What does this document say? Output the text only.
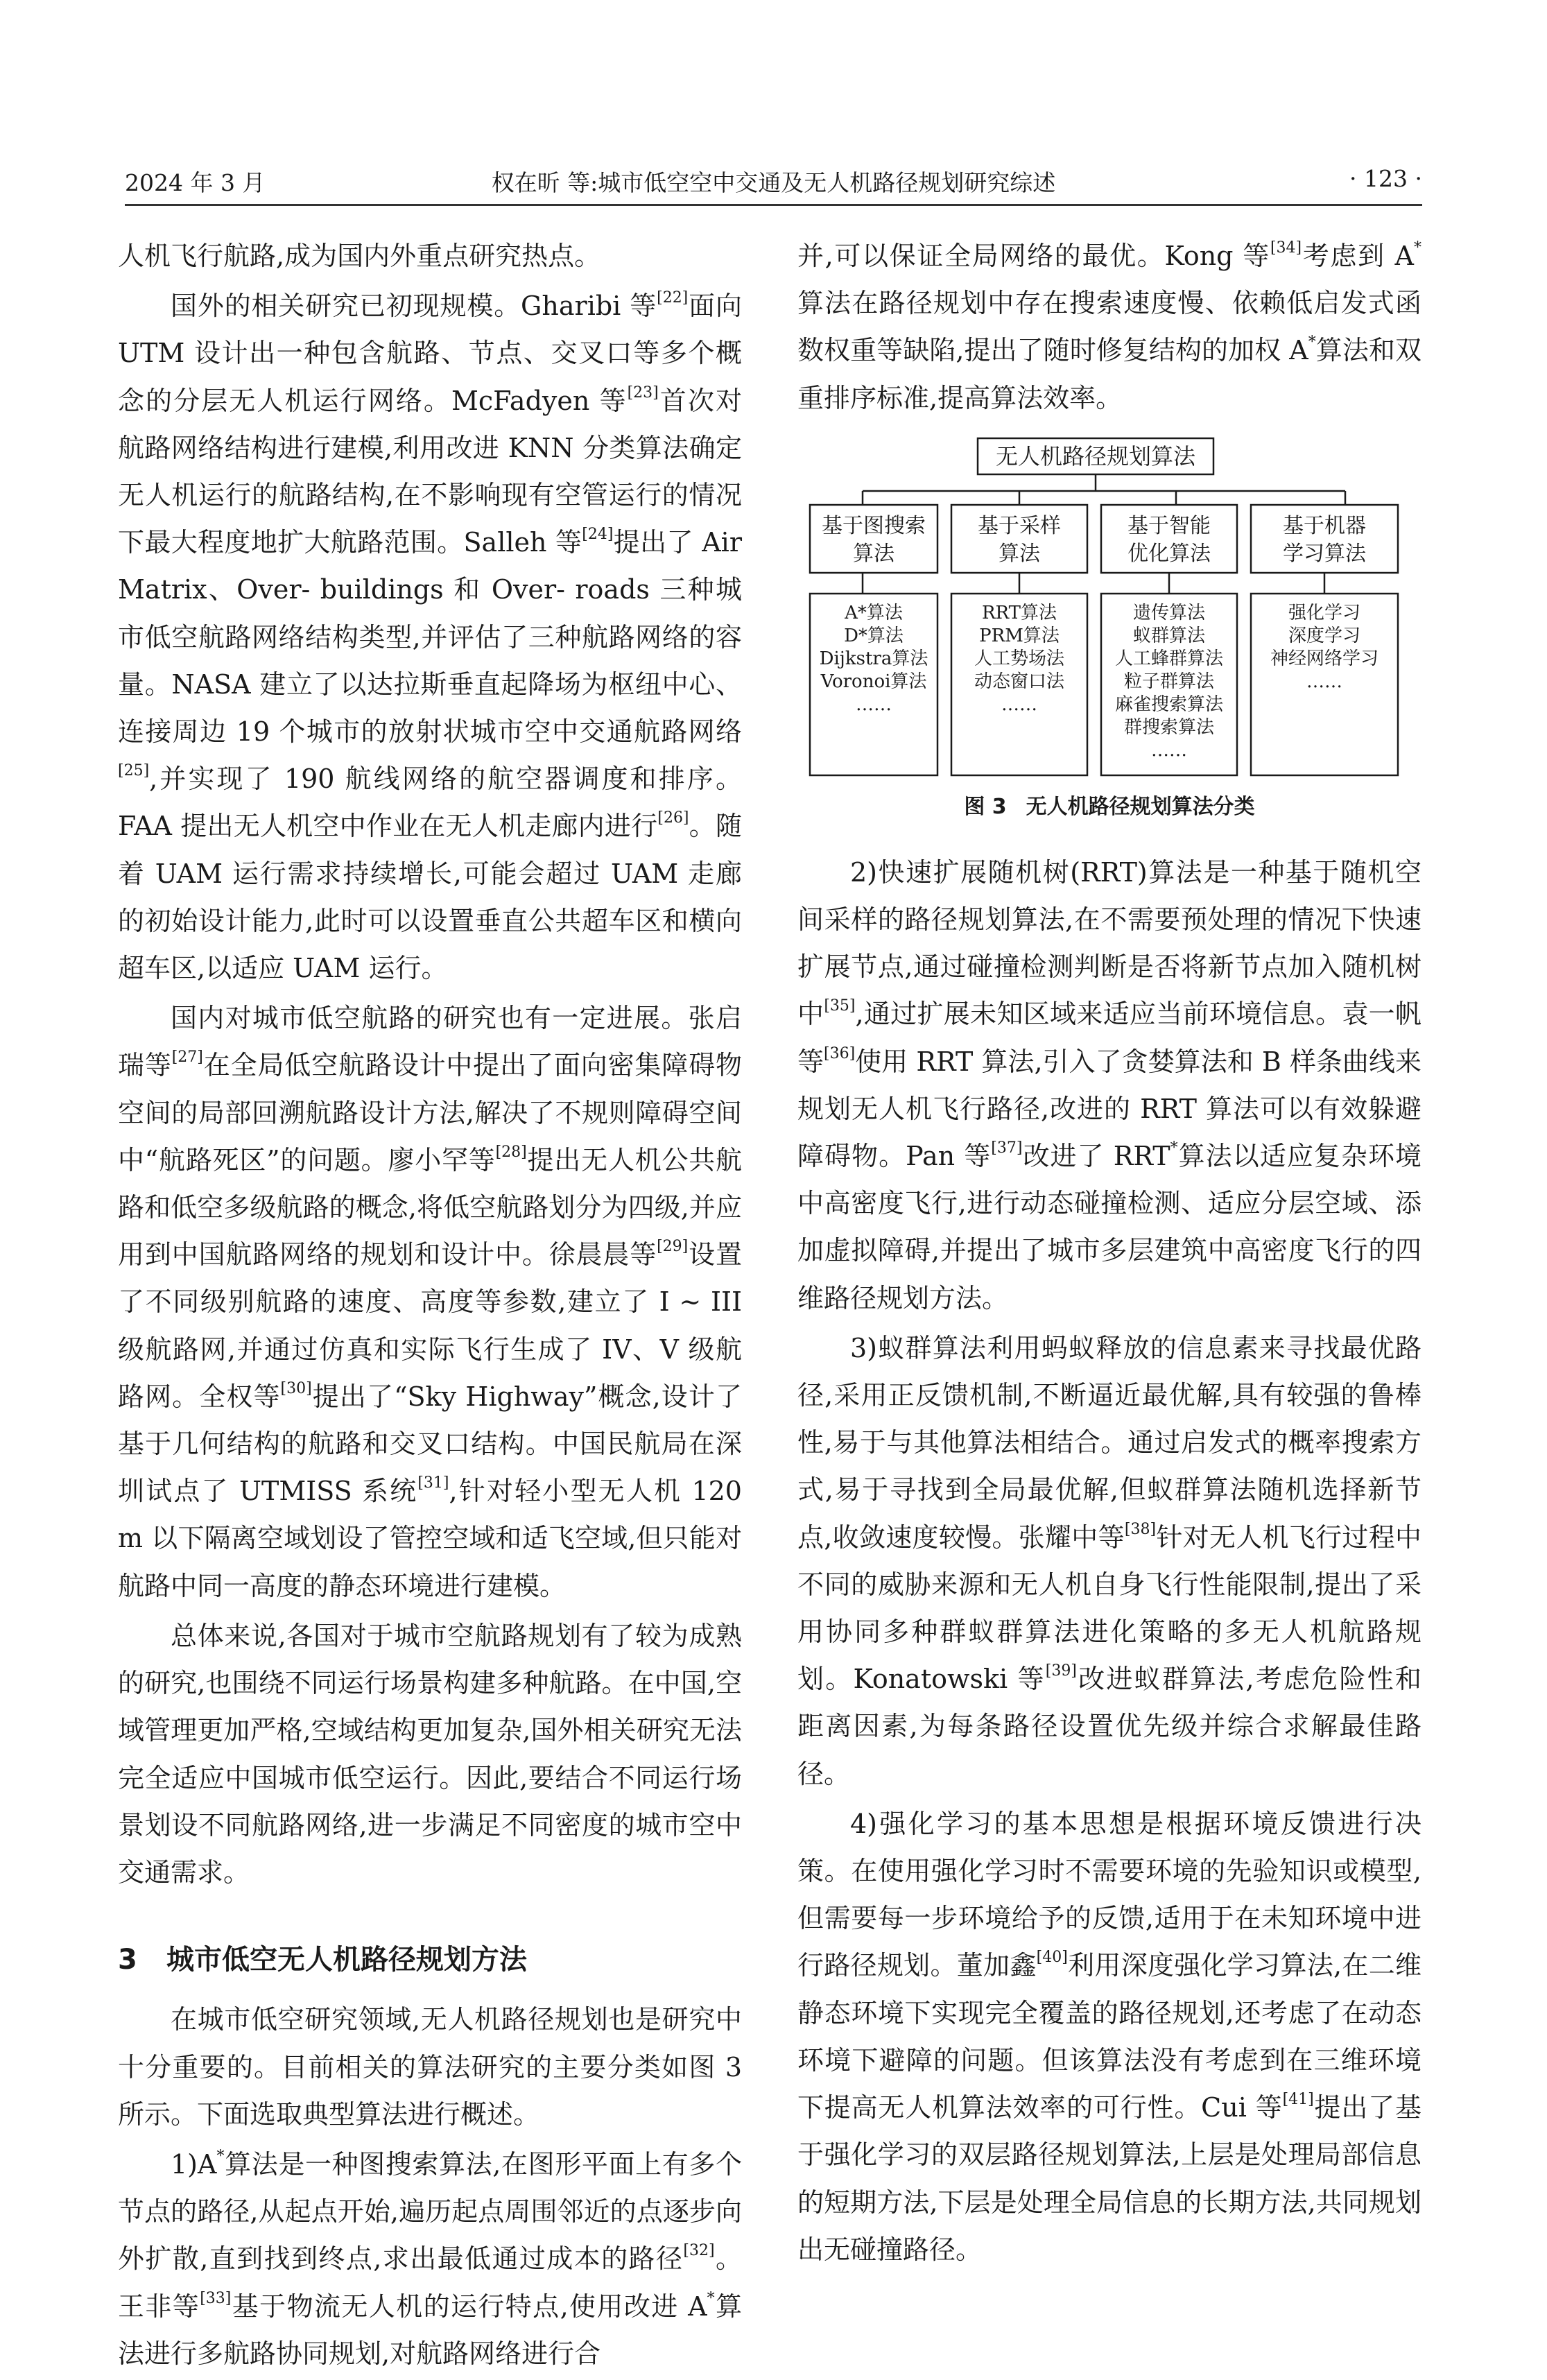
2024 年 3 月	权在昕 等:城市低空空中交通及无人机路径规划研究综述	· 123 ·

人机飞行航路,成为国内外重点研究热点。

国外的相关研究已初现规模。Gharibi 等[22]面向 UTM 设计出一种包含航路、节点、交叉口等多个概念的分层无人机运行网络。McFadyen 等[23]首次对航路网络结构进行建模,利用改进 KNN 分类算法确定无人机运行的航路结构,在不影响现有空管运行的情况下最大程度地扩大航路范围。Salleh 等[24]提出了 Air Matrix、Over- buildings 和 Over- roads 三种城市低空航路网络结构类型,并评估了三种航路网络的容量。NASA 建立了以达拉斯垂直起降场为枢纽中心、连接周边 19 个城市的放射状城市空中交通航路网络[25],并实现了 190 航线网络的航空器调度和排序。FAA 提出无人机空中作业在无人机走廊内进行[26]。随着 UAM 运行需求持续增长,可能会超过 UAM 走廊的初始设计能力,此时可以设置垂直公共超车区和横向超车区,以适应 UAM 运行。

国内对城市低空航路的研究也有一定进展。张启瑞等[27]在全局低空航路设计中提出了面向密集障碍物空间的局部回溯航路设计方法,解决了不规则障碍空间中“航路死区”的问题。廖小罕等[28]提出无人机公共航路和低空多级航路的概念,将低空航路划分为四级,并应用到中国航路网络的规划和设计中。徐晨晨等[29]设置了不同级别航路的速度、高度等参数,建立了 I ~ III 级航路网,并通过仿真和实际飞行生成了 IV、V 级航路网。全权等[30]提出了“Sky Highway”概念,设计了基于几何结构的航路和交叉口结构。中国民航局在深圳试点了 UTMISS 系统[31],针对轻小型无人机 120 m 以下隔离空域划设了管控空域和适飞空域,但只能对航路中同一高度的静态环境进行建模。

总体来说,各国对于城市空航路规划有了较为成熟的研究,也围绕不同运行场景构建多种航路。在中国,空域管理更加严格,空域结构更加复杂,国外相关研究无法完全适应中国城市低空运行。因此,要结合不同运行场景划设不同航路网络,进一步满足不同密度的城市空中交通需求。

3 城市低空无人机路径规划方法

在城市低空研究领域,无人机路径规划也是研究中十分重要的。目前相关的算法研究的主要分类如图 3所示。下面选取典型算法进行概述。

1)A*算法是一种图搜索算法,在图形平面上有多个节点的路径,从起点开始,遍历起点周围邻近的点逐步向外扩散,直到找到终点,求出最低通过成本的路径[32]。王非等[33]基于物流无人机的运行特点,使用改进 A*算法进行多航路协同规划,对航路网络进行合

并,可以保证全局网络的最优。Kong 等[34]考虑到 A*算法在路径规划中存在搜索速度慢、依赖低启发式函数权重等缺陷,提出了随时修复结构的加权 A*算法和双重排序标准,提高算法效率。

无人机路径规划算法
基于图搜索
算法
基于采样
算法
基于智能
优化算法
基于机器
学习算法
A*算法
D*算法
Dijkstra算法
Voronoi算法
……
RRT算法
PRM算法
人工势场法
动态窗口法
……
遗传算法
蚁群算法
人工蜂群算法
粒子群算法
麻雀搜索算法
群搜索算法
……
强化学习
深度学习
神经网络学习
……
图 3 无人机路径规划算法分类

2)快速扩展随机树(RRT)算法是一种基于随机空间采样的路径规划算法,在不需要预处理的情况下快速扩展节点,通过碰撞检测判断是否将新节点加入随机树中[35],通过扩展未知区域来适应当前环境信息。袁一帆等[36]使用 RRT 算法,引入了贪婪算法和 B 样条曲线来规划无人机飞行路径,改进的 RRT 算法可以有效躲避障碍物。Pan 等[37]改进了 RRT*算法以适应复杂环境中高密度飞行,进行动态碰撞检测、适应分层空域、添加虚拟障碍,并提出了城市多层建筑中高密度飞行的四维路径规划方法。

3)蚁群算法利用蚂蚁释放的信息素来寻找最优路径,采用正反馈机制,不断逼近最优解,具有较强的鲁棒性,易于与其他算法相结合。通过启发式的概率搜索方式,易于寻找到全局最优解,但蚁群算法随机选择新节点,收敛速度较慢。张耀中等[38]针对无人机飞行过程中不同的威胁来源和无人机自身飞行性能限制,提出了采用协同多种群蚁群算法进化策略的多无人机航路规划。Konatowski 等[39]改进蚁群算法,考虑危险性和距离因素,为每条路径设置优先级并综合求解最佳路径。

4)强化学习的基本思想是根据环境反馈进行决策。在使用强化学习时不需要环境的先验知识或模型,但需要每一步环境给予的反馈,适用于在未知环境中进行路径规划。董加鑫[40]利用深度强化学习算法,在二维静态环境下实现完全覆盖的路径规划,还考虑了在动态环境下避障的问题。但该算法没有考虑到在三维环境下提高无人机算法效率的可行性。Cui 等[41]提出了基于强化学习的双层路径规划算法,上层是处理局部信息的短期方法,下层是处理全局信息的长期方法,共同规划出无碰撞路径。
